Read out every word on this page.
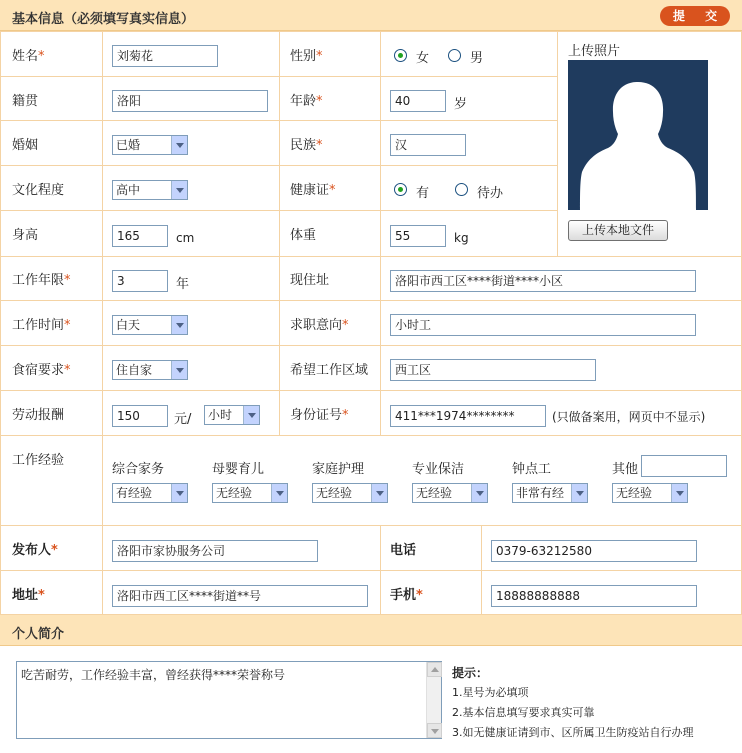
基本信息（必须填写真实信息）	提 交
姓名*	刘菊花	性别*	女	男	上传照片
上传本地文件
籍贯	洛阳	年龄*	40	岁
婚姻	已婚	民族*	汉
文化程度	高中	健康证*	有	待办
身高	165	cm	体重	55	kg
工作年限*	3	年	现住址	洛阳市西工区****街道****小区
工作时间*	白天	求职意向*	小时工
食宿要求*	住自家	希望工作区域	西工区
劳动报酬	150	元/	小时	身份证号*	411***1974********	(只做备案用，网页中不显示)
工作经验
综合家务
有经验
母婴育儿
无经验
家庭护理
无经验
专业保洁
无经验
钟点工
非常有经
其他
无经验
发布人*	洛阳市家协服务公司	电话	0379-63212580
地址*	洛阳市西工区****街道**号	手机*	18888888888
个人简介
吃苦耐劳，工作经验丰富，曾经获得****荣誉称号	提示：
1.星号为必填项
2.基本信息填写要求真实可靠
3.如无健康证请到市、区所属卫生防疫站自行办理
